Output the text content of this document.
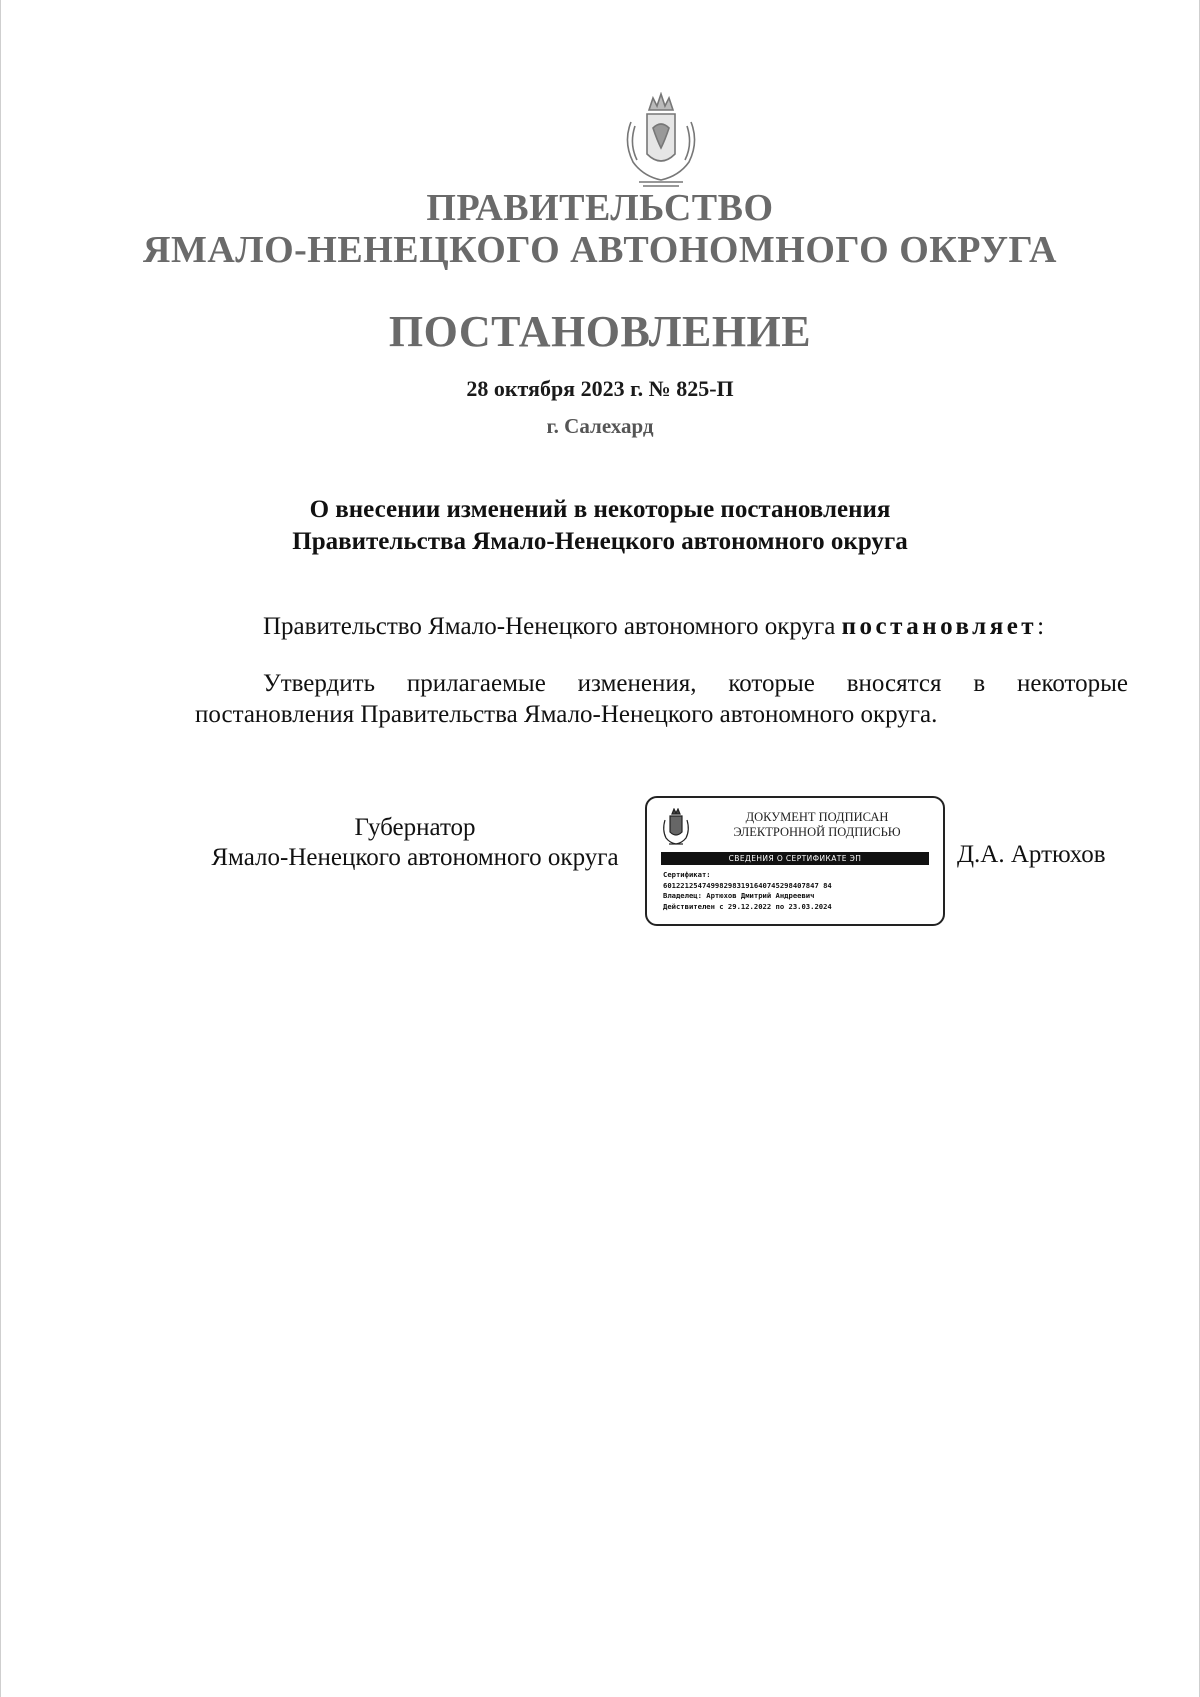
ПРАВИТЕЛЬСТВО
ЯМАЛО-НЕНЕЦКОГО АВТОНОМНОГО ОКРУГА
ПОСТАНОВЛЕНИЕ
28 октября 2023 г. № 825-П
г. Салехард
О внесении изменений в некоторые постановления
Правительства Ямало-Ненецкого автономного округа
Правительство Ямало-Ненецкого автономного округа постановляет:
Утвердить прилагаемые изменения, которые вносятся в некоторые постановления Правительства Ямало-Ненецкого автономного округа.
Губернатор
Ямало-Ненецкого автономного округа
ДОКУМЕНТ ПОДПИСАН
ЭЛЕКТРОННОЙ ПОДПИСЬЮ
СВЕДЕНИЯ О СЕРТИФИКАТЕ ЭП
Сертификат:
601221254749982983191640745298407847 84
Владелец: Артюхов Дмитрий Андреевич
Действителен с 29.12.2022 по 23.03.2024
Д.А. Артюхов
